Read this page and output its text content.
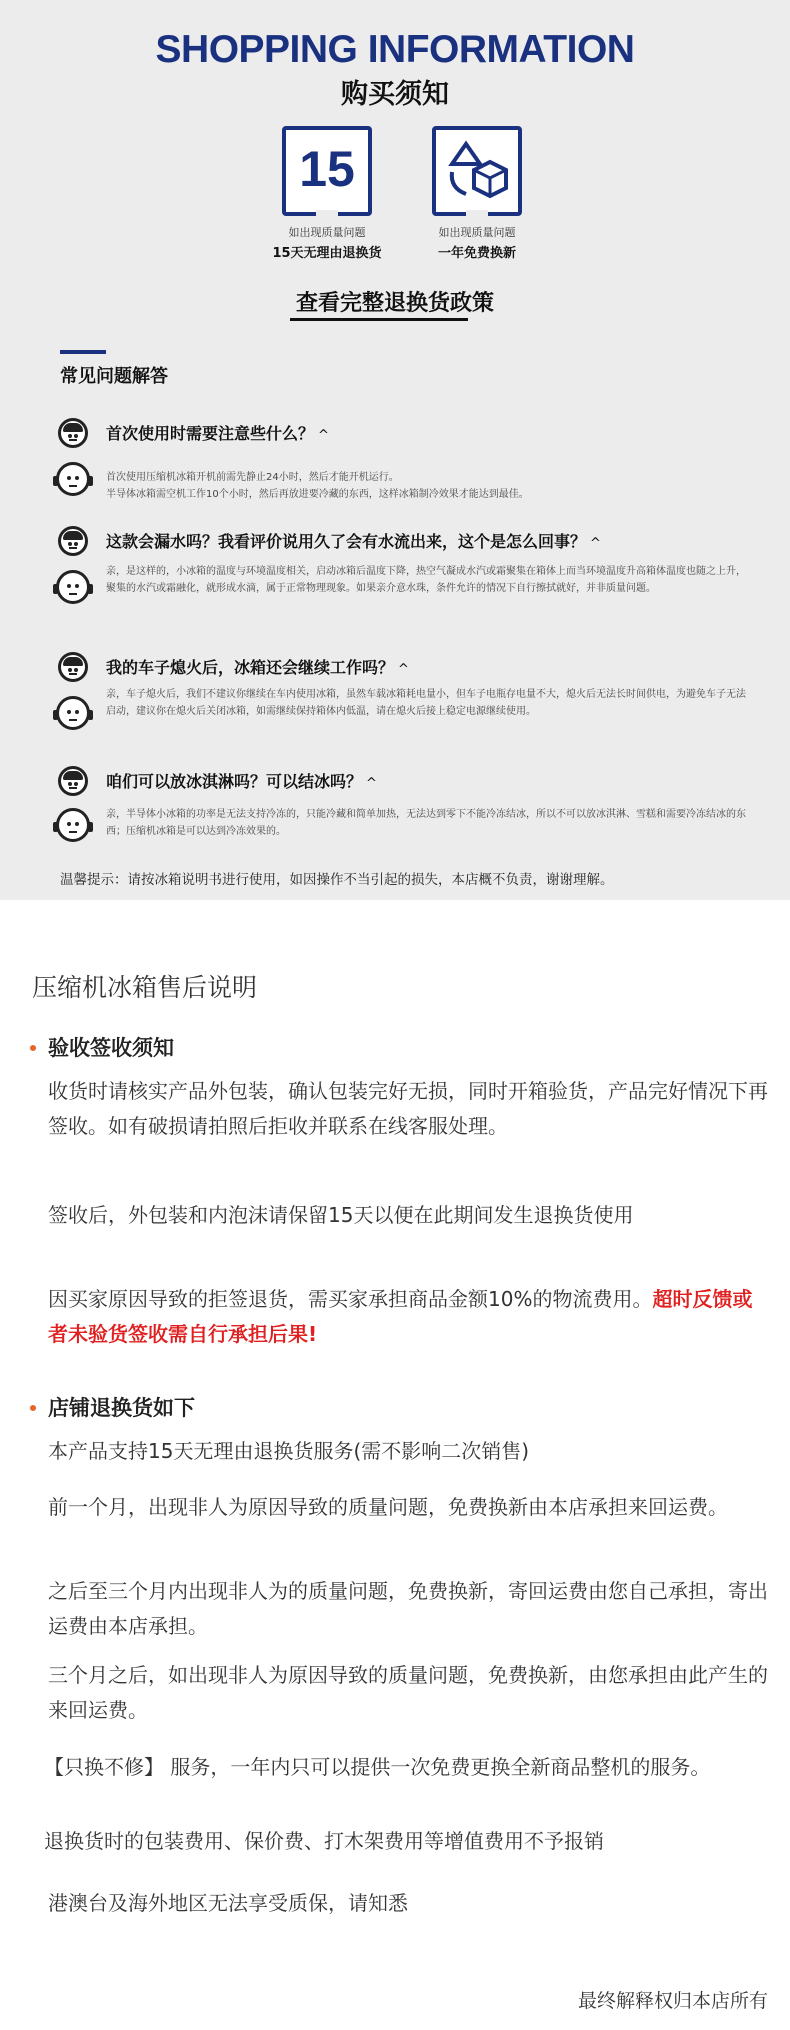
SHOPPING INFORMATION
购买须知
15
如出现质量问题
15天无理由退换货
如出现质量问题
一年免费换新
查看完整退换货政策
常见问题解答
首次使用时需要注意些什么？ ^
首次使用压缩机冰箱开机前需先静止24小时，然后才能开机运行。
半导体冰箱需空机工作10个小时，然后再放进要冷藏的东西，这样冰箱制冷效果才能达到最佳。
这款会漏水吗？我看评价说用久了会有水流出来，这个是怎么回事？ ^
亲，是这样的，小冰箱的温度与环境温度相关，启动冰箱后温度下降，热空气凝成水汽或霜聚集在箱体上而当环境温度升高箱体温度也随之上升，聚集的水汽或霜融化，就形成水滴，属于正常物理现象。如果亲介意水珠，条件允许的情况下自行擦拭就好，并非质量问题。
我的车子熄火后，冰箱还会继续工作吗？ ^
亲，车子熄火后，我们不建议你继续在车内使用冰箱，虽然车载冰箱耗电量小，但车子电瓶存电量不大，熄火后无法长时间供电，为避免车子无法启动，建议你在熄火后关闭冰箱，如需继续保持箱体内低温，请在熄火后接上稳定电源继续使用。
咱们可以放冰淇淋吗？可以结冰吗？ ^
亲，半导体小冰箱的功率是无法支持冷冻的，只能冷藏和简单加热，无法达到零下不能冷冻结冰，所以不可以放冰淇淋、雪糕和需要冷冻结冰的东西；压缩机冰箱是可以达到冷冻效果的。
温馨提示：请按冰箱说明书进行使用，如因操作不当引起的损失，本店概不负责，谢谢理解。
压缩机冰箱售后说明
验收签收须知
收货时请核实产品外包装，确认包装完好无损，同时开箱验货，产品完好情况下再签收。如有破损请拍照后拒收并联系在线客服处理。
签收后，外包装和内泡沫请保留15天以便在此期间发生退换货使用
因买家原因导致的拒签退货，需买家承担商品金额10%的物流费用。超时反馈或者未验货签收需自行承担后果!
店铺退换货如下
本产品支持15天无理由退换货服务(需不影响二次销售)
前一个月，出现非人为原因导致的质量问题，免费换新由本店承担来回运费。
之后至三个月内出现非人为的质量问题，免费换新，寄回运费由您自己承担，寄出运费由本店承担。
三个月之后，如出现非人为原因导致的质量问题，免费换新，由您承担由此产生的来回运费。
【只换不修】 服务，一年内只可以提供一次免费更换全新商品整机的服务。
退换货时的包装费用、保价费、打木架费用等增值费用不予报销
港澳台及海外地区无法享受质保，请知悉
最终解释权归本店所有
